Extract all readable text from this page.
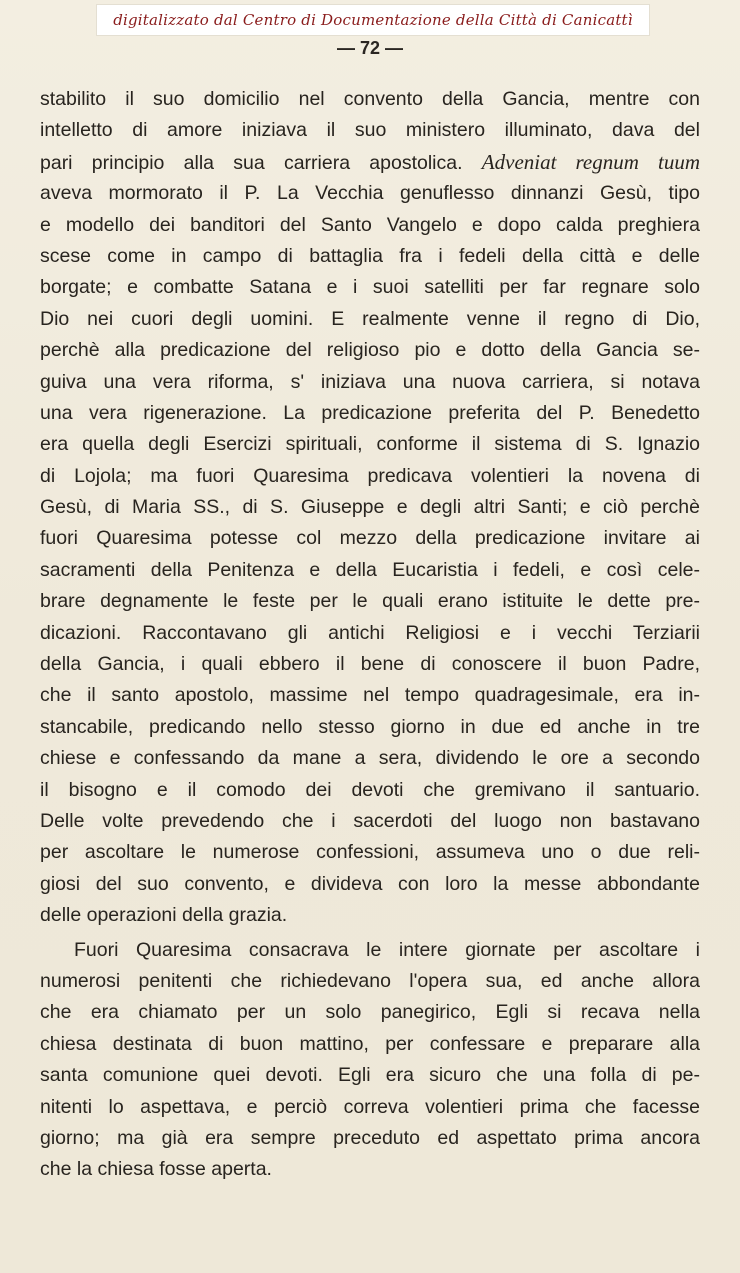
digitalizzato dal Centro di Documentazione della Città di Canicattì
— 72 —
stabilito il suo domicilio nel convento della Gancia, mentre con
intelletto di amore iniziava il suo ministero illuminato, dava del
pari principio alla sua carriera apostolica. Adveniat regnum tuum
aveva mormorato il P. La Vecchia genuflesso dinnanzi Gesù, tipo
e modello dei banditori del Santo Vangelo e dopo calda preghiera
scese come in campo di battaglia fra i fedeli della città e delle
borgate; e combatte Satana e i suoi satelliti per far regnare solo
Dio nei cuori degli uomini. E realmente venne il regno di Dio,
perchè alla predicazione del religioso pio e dotto della Gancia se-
guiva una vera riforma, s' iniziava una nuova carriera, si notava
una vera rigenerazione. La predicazione preferita del P. Benedetto
era quella degli Esercizi spirituali, conforme il sistema di S. Ignazio
di Lojola; ma fuori Quaresima predicava volentieri la novena di
Gesù, di Maria SS., di S. Giuseppe e degli altri Santi; e ciò perchè
fuori Quaresima potesse col mezzo della predicazione invitare ai
sacramenti della Penitenza e della Eucaristia i fedeli, e così cele-
brare degnamente le feste per le quali erano istituite le dette pre-
dicazioni. Raccontavano gli antichi Religiosi e i vecchi Terziarii
della Gancia, i quali ebbero il bene di conoscere il buon Padre,
che il santo apostolo, massime nel tempo quadragesimale, era in-
stancabile, predicando nello stesso giorno in due ed anche in tre
chiese e confessando da mane a sera, dividendo le ore a secondo
il bisogno e il comodo dei devoti che gremivano il santuario.
Delle volte prevedendo che i sacerdoti del luogo non bastavano
per ascoltare le numerose confessioni, assumeva uno o due reli-
giosi del suo convento, e divideva con loro la messe abbondante
delle operazioni della grazia.
Fuori Quaresima consacrava le intere giornate per ascoltare i
numerosi penitenti che richiedevano l'opera sua, ed anche allora
che era chiamato per un solo panegirico, Egli si recava nella
chiesa destinata di buon mattino, per confessare e preparare alla
santa comunione quei devoti. Egli era sicuro che una folla di pe-
nitenti lo aspettava, e perciò correva volentieri prima che facesse
giorno; ma già era sempre preceduto ed aspettato prima ancora
che la chiesa fosse aperta.
